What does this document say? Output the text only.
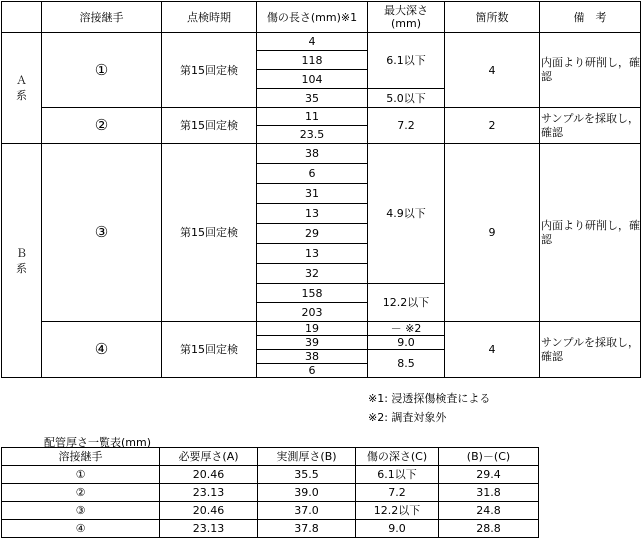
	溶接継手	点検時期	傷の長さ(mm)※1	最大深さ
(mm)	箇所数	備　考
Ａ
系	①	第15回定検	4	6.1以下	4	内面より研削し，確認
			118			
			104			
			35	5.0以下		
	②	第15回定検	11	7.2	2	サンプルを採取し，確認
			23.5			
Ｂ
系	③	第15回定検	38	4.9以下	9	内面より研削し，確認
			6			
			31			
			13			
			29			
			13			
			32			
			158	12.2以下		
			203			
	④	第15回定検	19	－ ※2	4	サンプルを採取し，確認
			39	9.0		
			38	8.5		
			6			
※1: 浸透探傷検査による
※2: 調査対象外
配管厚さ一覧表(mm)
溶接継手	必要厚さ(A)	実測厚さ(B)	傷の深さ(C)	(B)－(C)
①	20.46	35.5	6.1以下	29.4
②	23.13	39.0	7.2	31.8
③	20.46	37.0	12.2以下	24.8
④	23.13	37.8	9.0	28.8
